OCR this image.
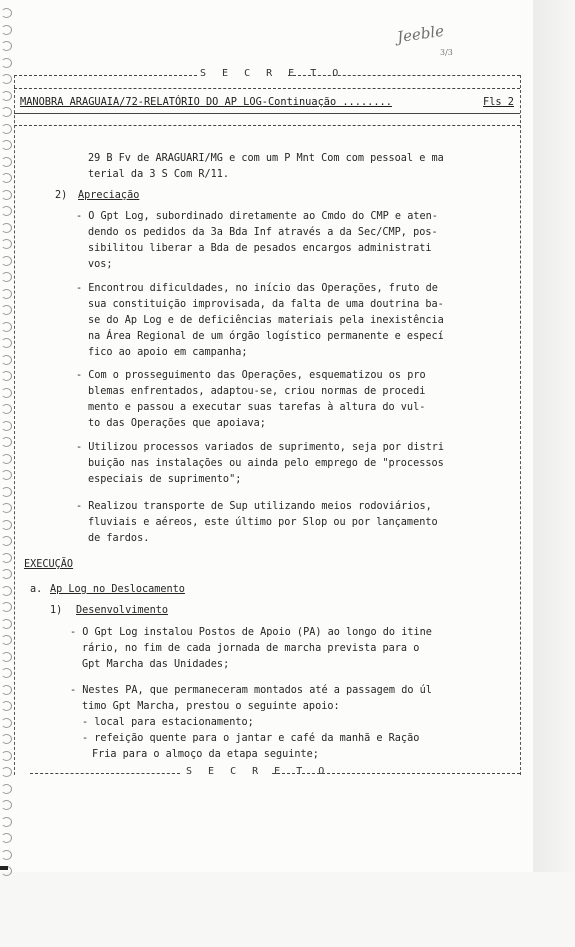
Jeeble
3/3
S E C R E T O
MANOBRA ARAGUAIA/72-RELATÓRIO DO AP LOG-Continuação ........	Fls 2
29 B Fv de ARAGUARI/MG e com um P Mnt Com com pessoal e ma
terial da 3 S Com R/11.
2) Apreciação
- O Gpt Log, subordinado diretamente ao Cmdo do CMP e aten-
dendo os pedidos da 3a Bda Inf através a da Sec/CMP, pos-
sibilitou liberar a Bda de pesados encargos administrati
vos;
- Encontrou dificuldades, no início das Operações, fruto de
sua constituição improvisada, da falta de uma doutrina ba-
se do Ap Log e de deficiências materiais pela inexistência
na Área Regional de um órgão logístico permanente e especí
fico ao apoio em campanha;
- Com o prosseguimento das Operações, esquematizou os pro
blemas enfrentados, adaptou-se, criou normas de procedi
mento e passou a executar suas tarefas à altura do vul-
to das Operações que apoiava;
- Utilizou processos variados de suprimento, seja por distri
buição nas instalações ou ainda pelo emprego de "processos
especiais de suprimento";
- Realizou transporte de Sup utilizando meios rodoviários,
fluviais e aéreos, este último por Slop ou por lançamento
de fardos.
EXECUÇÃO
a. Ap Log no Deslocamento
1) Desenvolvimento
- O Gpt Log instalou Postos de Apoio (PA) ao longo do itine
rário, no fim de cada jornada de marcha prevista para o
Gpt Marcha das Unidades;
- Nestes PA, que permaneceram montados até a passagem do úl
timo Gpt Marcha, prestou o seguinte apoio:
- local para estacionamento;
- refeição quente para o jantar e café da manhã e Ração
Fria para o almoço da etapa seguinte;
S E C R E T O
